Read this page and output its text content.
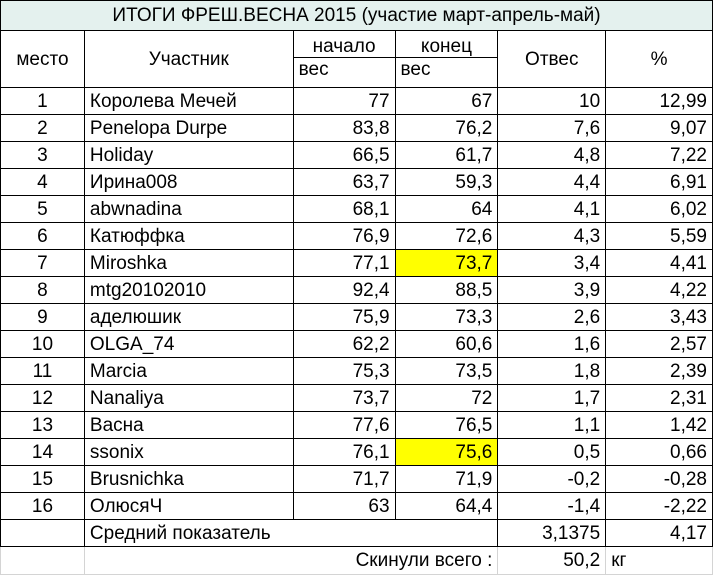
ИТОГИ ФРЕШ.ВЕСНА 2015 (участие март-апрель-май)					
место	Участник	начало	конец	Отвес	%
		вес	вес		
1	Королева Мечей	77	67	10	12,99
2	Penelopa Durpe	83,8	76,2	7,6	9,07
3	Holiday	66,5	61,7	4,8	7,22
4	Ирина008	63,7	59,3	4,4	6,91
5	abwnadina	68,1	64	4,1	6,02
6	Катюффка	76,9	72,6	4,3	5,59
7	Miroshka	77,1	73,7	3,4	4,41
8	mtg20102010	92,4	88,5	3,9	4,22
9	аделюшик	75,9	73,3	2,6	3,43
10	OLGA_74	62,2	60,6	1,6	2,57
11	Marcia	75,3	73,5	1,8	2,39
12	Nanaliya	73,7	72	1,7	2,31
13	Васна	77,6	76,5	1,1	1,42
14	ssonix	76,1	75,6	0,5	0,66
15	Brusnichka	71,7	71,9	-0,2	-0,28
16	ОлюсяЧ	63	64,4	-1,4	-2,22
	Средний показатель			3,1375	4,17
	Скинули всего :			50,2	кг
